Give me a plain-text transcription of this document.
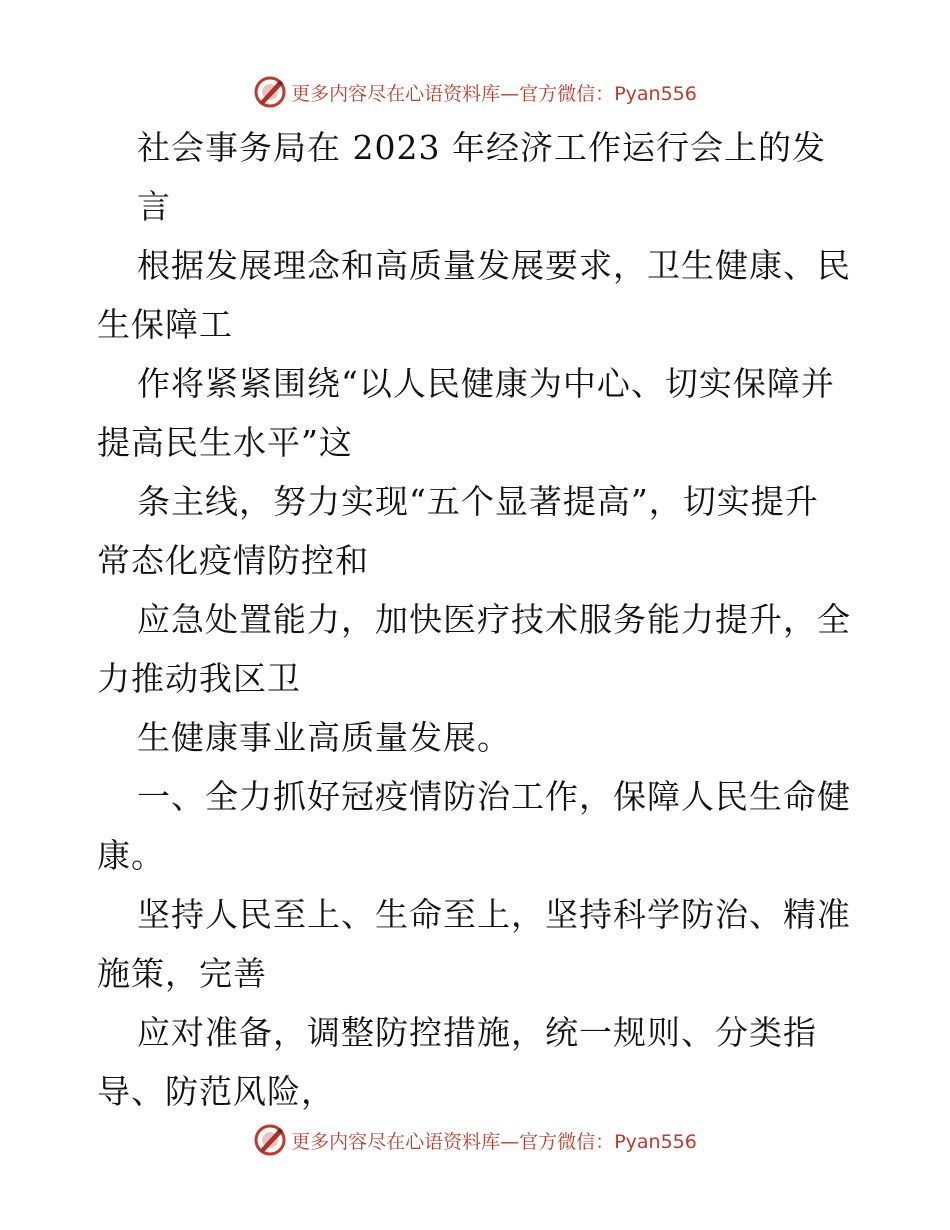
更多内容尽在心语资料库—官方微信：Pyan556
社会事务局在 2023 年经济工作运行会上的发
言
根据发展理念和高质量发展要求，卫生健康、民
生保障工
作将紧紧围绕“以人民健康为中心、切实保障并
提高民生水平”这
条主线，努力实现“五个显著提高”，切实提升
常态化疫情防控和
应急处置能力，加快医疗技术服务能力提升，全
力推动我区卫
生健康事业高质量发展。
一、全力抓好冠疫情防治工作，保障人民生命健
康。
坚持人民至上、生命至上，坚持科学防治、精准
施策，完善
应对准备，调整防控措施，统一规则、分类指
导、防范风险，
更多内容尽在心语资料库—官方微信：Pyan556
